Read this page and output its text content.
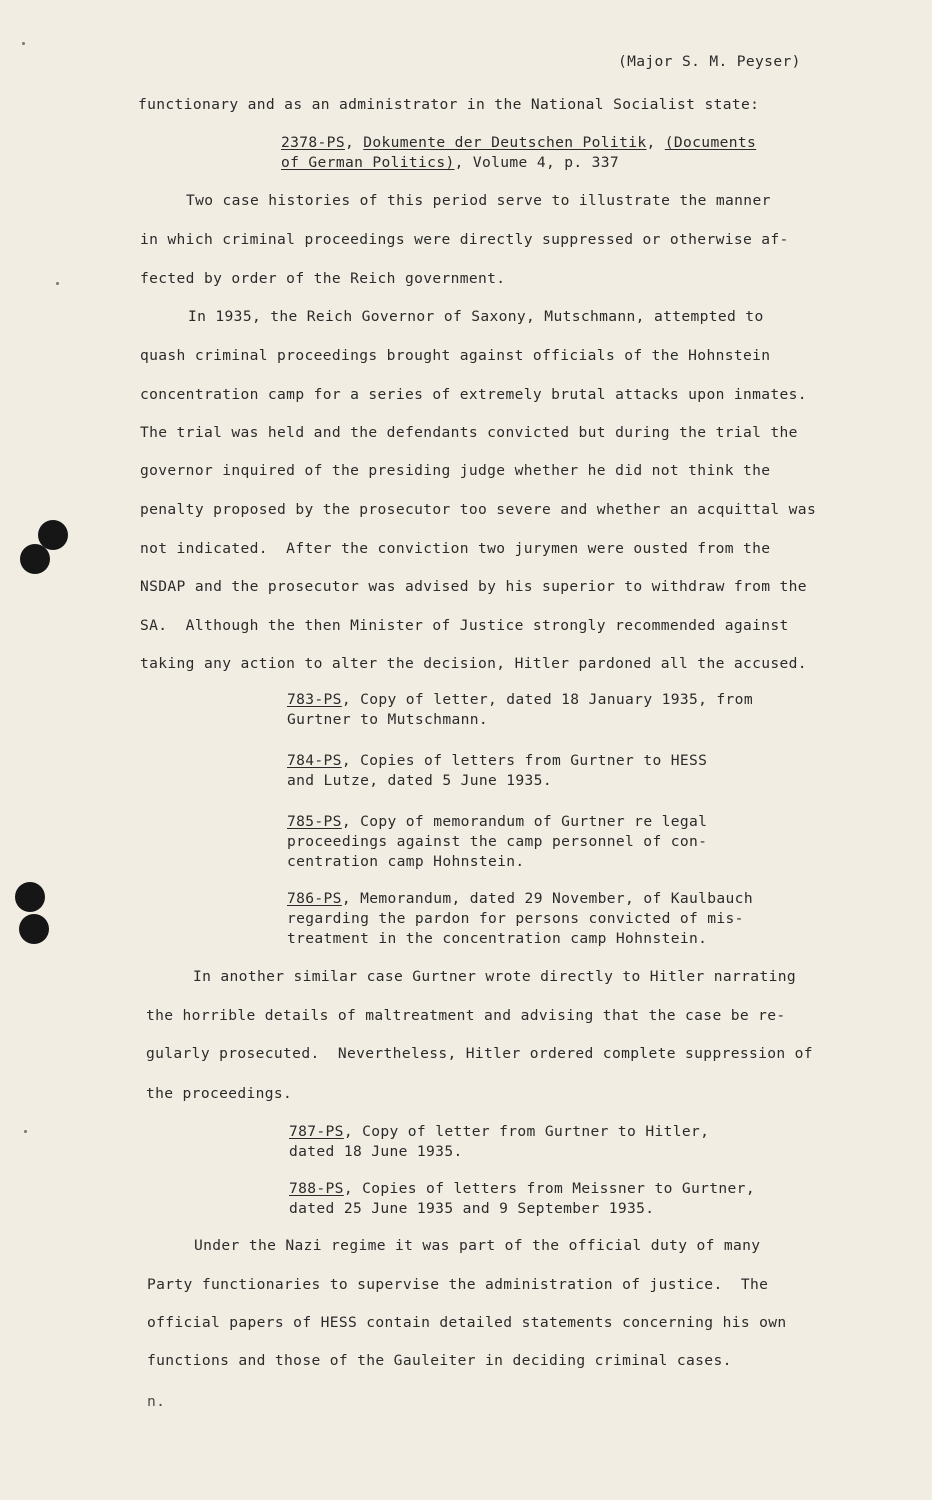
(Major S. M. Peyser)
functionary and as an administrator in the National Socialist state:
2378-PS, Dokumente der Deutschen Politik, (Documents
of German Politics), Volume 4, p. 337
Two case histories of this period serve to illustrate the manner
in which criminal proceedings were directly suppressed or otherwise af-
fected by order of the Reich government.
In 1935, the Reich Governor of Saxony, Mutschmann, attempted to
quash criminal proceedings brought against officials of the Hohnstein
concentration camp for a series of extremely brutal attacks upon inmates.
The trial was held and the defendants convicted but during the trial the
governor inquired of the presiding judge whether he did not think the
penalty proposed by the prosecutor too severe and whether an acquittal was
not indicated.  After the conviction two jurymen were ousted from the
NSDAP and the prosecutor was advised by his superior to withdraw from the
SA.  Although the then Minister of Justice strongly recommended against
taking any action to alter the decision, Hitler pardoned all the accused.
783-PS, Copy of letter, dated 18 January 1935, from
Gurtner to Mutschmann.
784-PS, Copies of letters from Gurtner to HESS
and Lutze, dated 5 June 1935.
785-PS, Copy of memorandum of Gurtner re legal
proceedings against the camp personnel of con-
centration camp Hohnstein.
786-PS, Memorandum, dated 29 November, of Kaulbauch
regarding the pardon for persons convicted of mis-
treatment in the concentration camp Hohnstein.
In another similar case Gurtner wrote directly to Hitler narrating
the horrible details of maltreatment and advising that the case be re-
gularly prosecuted.  Nevertheless, Hitler ordered complete suppression of
the proceedings.
787-PS, Copy of letter from Gurtner to Hitler,
dated 18 June 1935.
788-PS, Copies of letters from Meissner to Gurtner,
dated 25 June 1935 and 9 September 1935.
Under the Nazi regime it was part of the official duty of many
Party functionaries to supervise the administration of justice.  The
official papers of HESS contain detailed statements concerning his own
functions and those of the Gauleiter in deciding criminal cases.
n.
